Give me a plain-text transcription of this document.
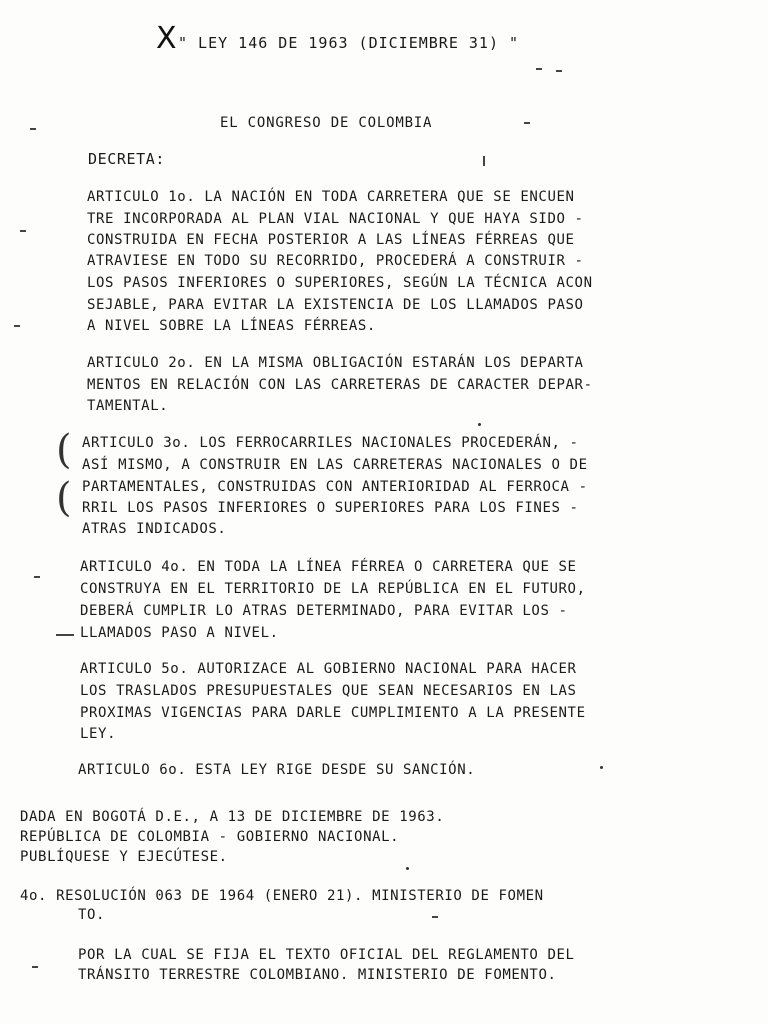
X " LEY 146 DE 1963 (DICIEMBRE 31) "
EL CONGRESO DE COLOMBIA
DECRETA:
ARTICULO 1o. LA NACIÓN EN TODA CARRETERA QUE SE ENCUEN
TRE INCORPORADA AL PLAN VIAL NACIONAL Y QUE HAYA SIDO -
CONSTRUIDA EN FECHA POSTERIOR A LAS LÍNEAS FÉRREAS QUE
ATRAVIESE EN TODO SU RECORRIDO, PROCEDERÁ A CONSTRUIR -
LOS PASOS INFERIORES O SUPERIORES, SEGÚN LA TÉCNICA ACON
SEJABLE, PARA EVITAR LA EXISTENCIA DE LOS LLAMADOS PASO
A NIVEL SOBRE LA LÍNEAS FÉRREAS.
ARTICULO 2o. EN LA MISMA OBLIGACIÓN ESTARÁN LOS DEPARTA
MENTOS EN RELACIÓN CON LAS CARRETERAS DE CARACTER DEPAR-
TAMENTAL.
(
(
ARTICULO 3o. LOS FERROCARRILES NACIONALES PROCEDERÁN, -
ASÍ MISMO, A CONSTRUIR EN LAS CARRETERAS NACIONALES O DE
PARTAMENTALES, CONSTRUIDAS CON ANTERIORIDAD AL FERROCA -
RRIL LOS PASOS INFERIORES O SUPERIORES PARA LOS FINES -
ATRAS INDICADOS.
ARTICULO 4o. EN TODA LA LÍNEA FÉRREA O CARRETERA QUE SE
CONSTRUYA EN EL TERRITORIO DE LA REPÚBLICA EN EL FUTURO,
DEBERÁ CUMPLIR LO ATRAS DETERMINADO, PARA EVITAR LOS -
LLAMADOS PASO A NIVEL.
ARTICULO 5o. AUTORIZACE AL GOBIERNO NACIONAL PARA HACER
LOS TRASLADOS PRESUPUESTALES QUE SEAN NECESARIOS EN LAS
PROXIMAS VIGENCIAS PARA DARLE CUMPLIMIENTO A LA PRESENTE
LEY.
ARTICULO 6o. ESTA LEY RIGE DESDE SU SANCIÓN.
DADA EN BOGOTÁ D.E., A 13 DE DICIEMBRE DE 1963.
REPÚBLICA DE COLOMBIA - GOBIERNO NACIONAL.
PUBLÍQUESE Y EJECÚTESE.
4o. RESOLUCIÓN 063 DE 1964 (ENERO 21). MINISTERIO DE FOMEN
TO.
POR LA CUAL SE FIJA EL TEXTO OFICIAL DEL REGLAMENTO DEL
TRÁNSITO TERRESTRE COLOMBIANO. MINISTERIO DE FOMENTO.
